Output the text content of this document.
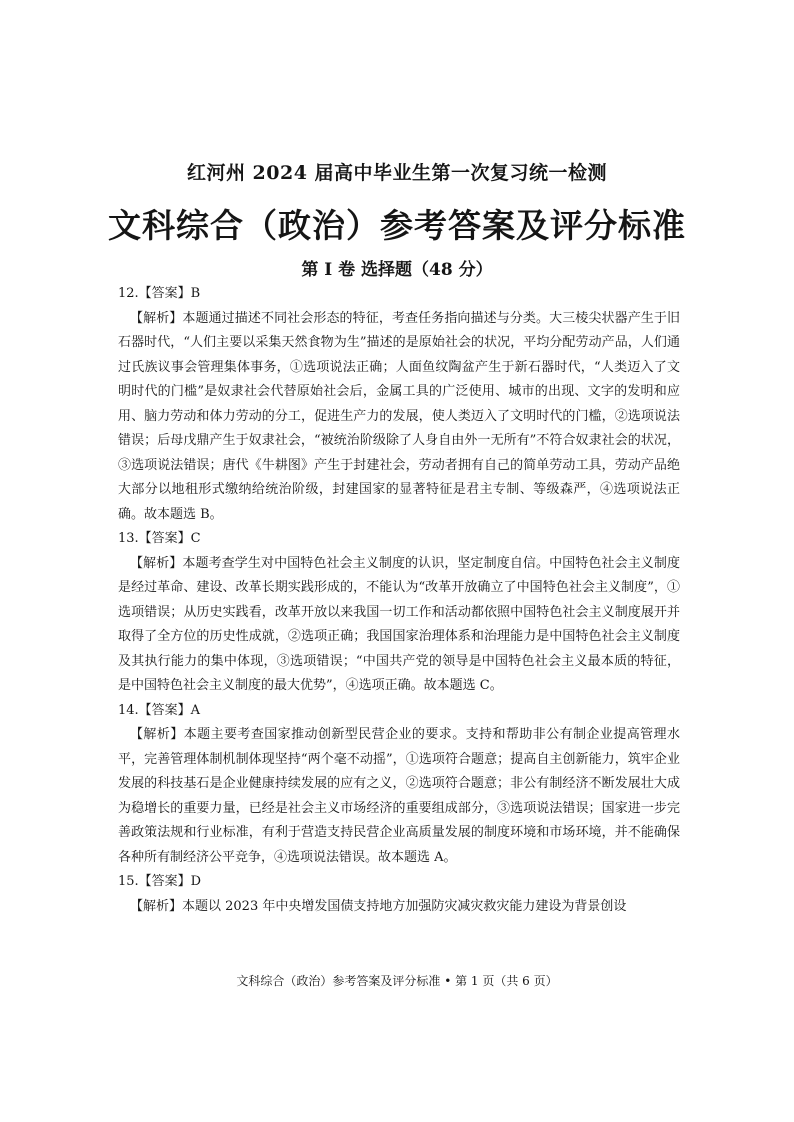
红河州 2024 届高中毕业生第一次复习统一检测
文科综合（政治）参考答案及评分标准
第 I 卷 选择题（48 分）

12.【答案】B

【解析】本题通过描述不同社会形态的特征，考查任务指向描述与分类。大三棱尖状器产生于旧石器时代，“人们主要以采集天然食物为生”描述的是原始社会的状况，平均分配劳动产品，人们通过氏族议事会管理集体事务，①选项说法正确；人面鱼纹陶盆产生于新石器时代，“人类迈入了文明时代的门槛”是奴隶社会代替原始社会后，金属工具的广泛使用、城市的出现、文字的发明和应用、脑力劳动和体力劳动的分工，促进生产力的发展，使人类迈入了文明时代的门槛，②选项说法错误；后母戊鼎产生于奴隶社会，“被统治阶级除了人身自由外一无所有”不符合奴隶社会的状况，③选项说法错误；唐代《牛耕图》产生于封建社会，劳动者拥有自己的简单劳动工具，劳动产品绝大部分以地租形式缴纳给统治阶级，封建国家的显著特征是君主专制、等级森严，④选项说法正确。故本题选 B。

13.【答案】C

【解析】本题考查学生对中国特色社会主义制度的认识，坚定制度自信。中国特色社会主义制度是经过革命、建设、改革长期实践形成的，不能认为“改革开放确立了中国特色社会主义制度”，①选项错误；从历史实践看，改革开放以来我国一切工作和活动都依照中国特色社会主义制度展开并取得了全方位的历史性成就，②选项正确；我国国家治理体系和治理能力是中国特色社会主义制度及其执行能力的集中体现，③选项错误；“中国共产党的领导是中国特色社会主义最本质的特征，是中国特色社会主义制度的最大优势”，④选项正确。故本题选 C。

14.【答案】A

【解析】本题主要考查国家推动创新型民营企业的要求。支持和帮助非公有制企业提高管理水平，完善管理体制机制体现坚持“两个毫不动摇”，①选项符合题意；提高自主创新能力，筑牢企业发展的科技基石是企业健康持续发展的应有之义，②选项符合题意；非公有制经济不断发展壮大成为稳增长的重要力量，已经是社会主义市场经济的重要组成部分，③选项说法错误；国家进一步完善政策法规和行业标准，有利于营造支持民营企业高质量发展的制度环境和市场环境，并不能确保各种所有制经济公平竞争，④选项说法错误。故本题选 A。

15.【答案】D

【解析】本题以 2023 年中央增发国债支持地方加强防灾减灾救灾能力建设为背景创设

文科综合（政治）参考答案及评分标准 • 第 1 页（共 6 页）
